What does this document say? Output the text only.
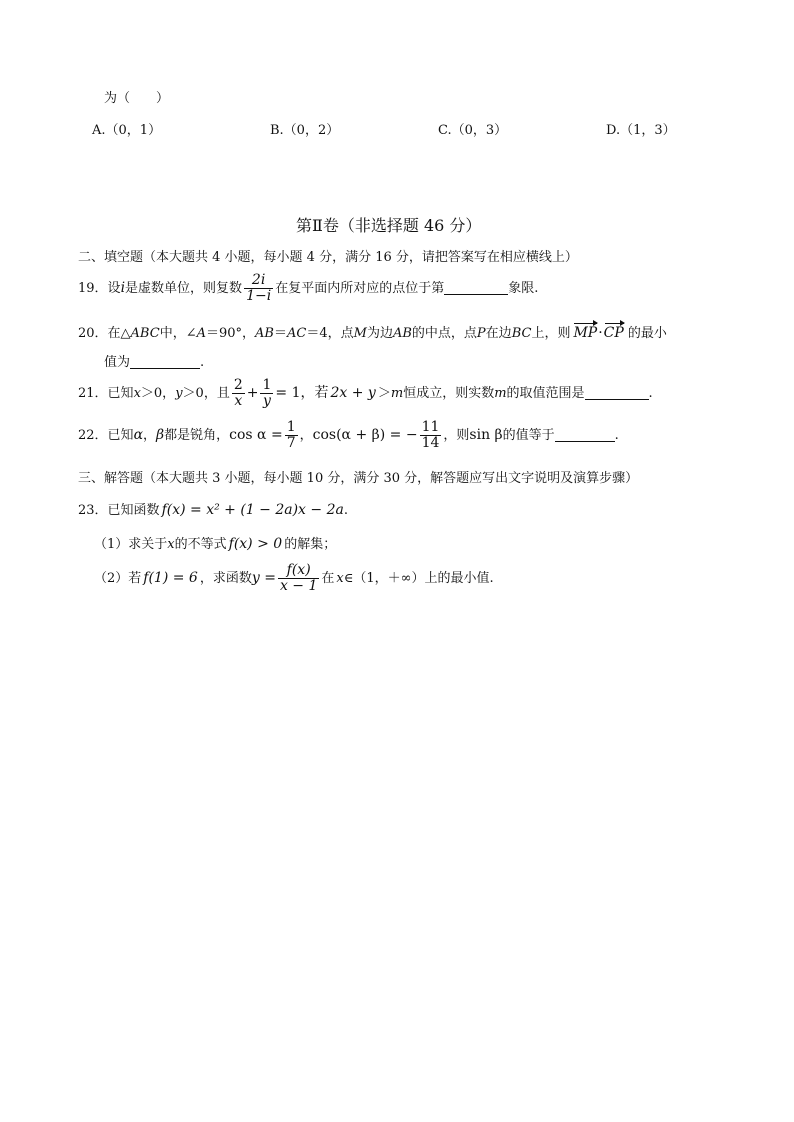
为（　　）
A.（0，1）	B.（0，2）	C.（0，3）	D.（1，3）
第Ⅱ卷（非选择题 46 分）
二、填空题（本大题共 4 小题，每小题 4 分，满分 16 分，请把答案写在相应横线上）
19． 设 i 是虚数单位，则复数 $\frac{2i}{1-i}$ 在复平面内所对应的点位于第	象限.
20． 在△ ABC 中，∠ A ＝90°， AB ＝ AC ＝4，点 M 为边 AB 的中点，点 P 在边 BC 上，则 MP · CP 的最小
值为	.
21． 已知 x ＞0， y ＞0，且 $\frac{2}{x} + \frac{1}{y} = 1$，若 2x + y ＞ m 恒成立，则实数 m 的取值范围是	.
22． 已知 α ， β 都是锐角， $\cos \alpha = \frac{1}{7}$ ， cos(α + β) = − $\frac{11}{14}$ ，则 sin β 的值等于	.
三、解答题（本大题共 3 小题，每小题 10 分，满分 30 分，解答题应写出文字说明及演算步骤）
23． 已知函数 f(x) = x² + (1 − 2a)x − 2a .
（1）求关于 x 的不等式 f(x) > 0 的解集；
（2）若 f(1) = 6 ，求函数 $y = \frac{f(x)}{x - 1}$ 在 x ∈（1，＋∞）上的最小值.
